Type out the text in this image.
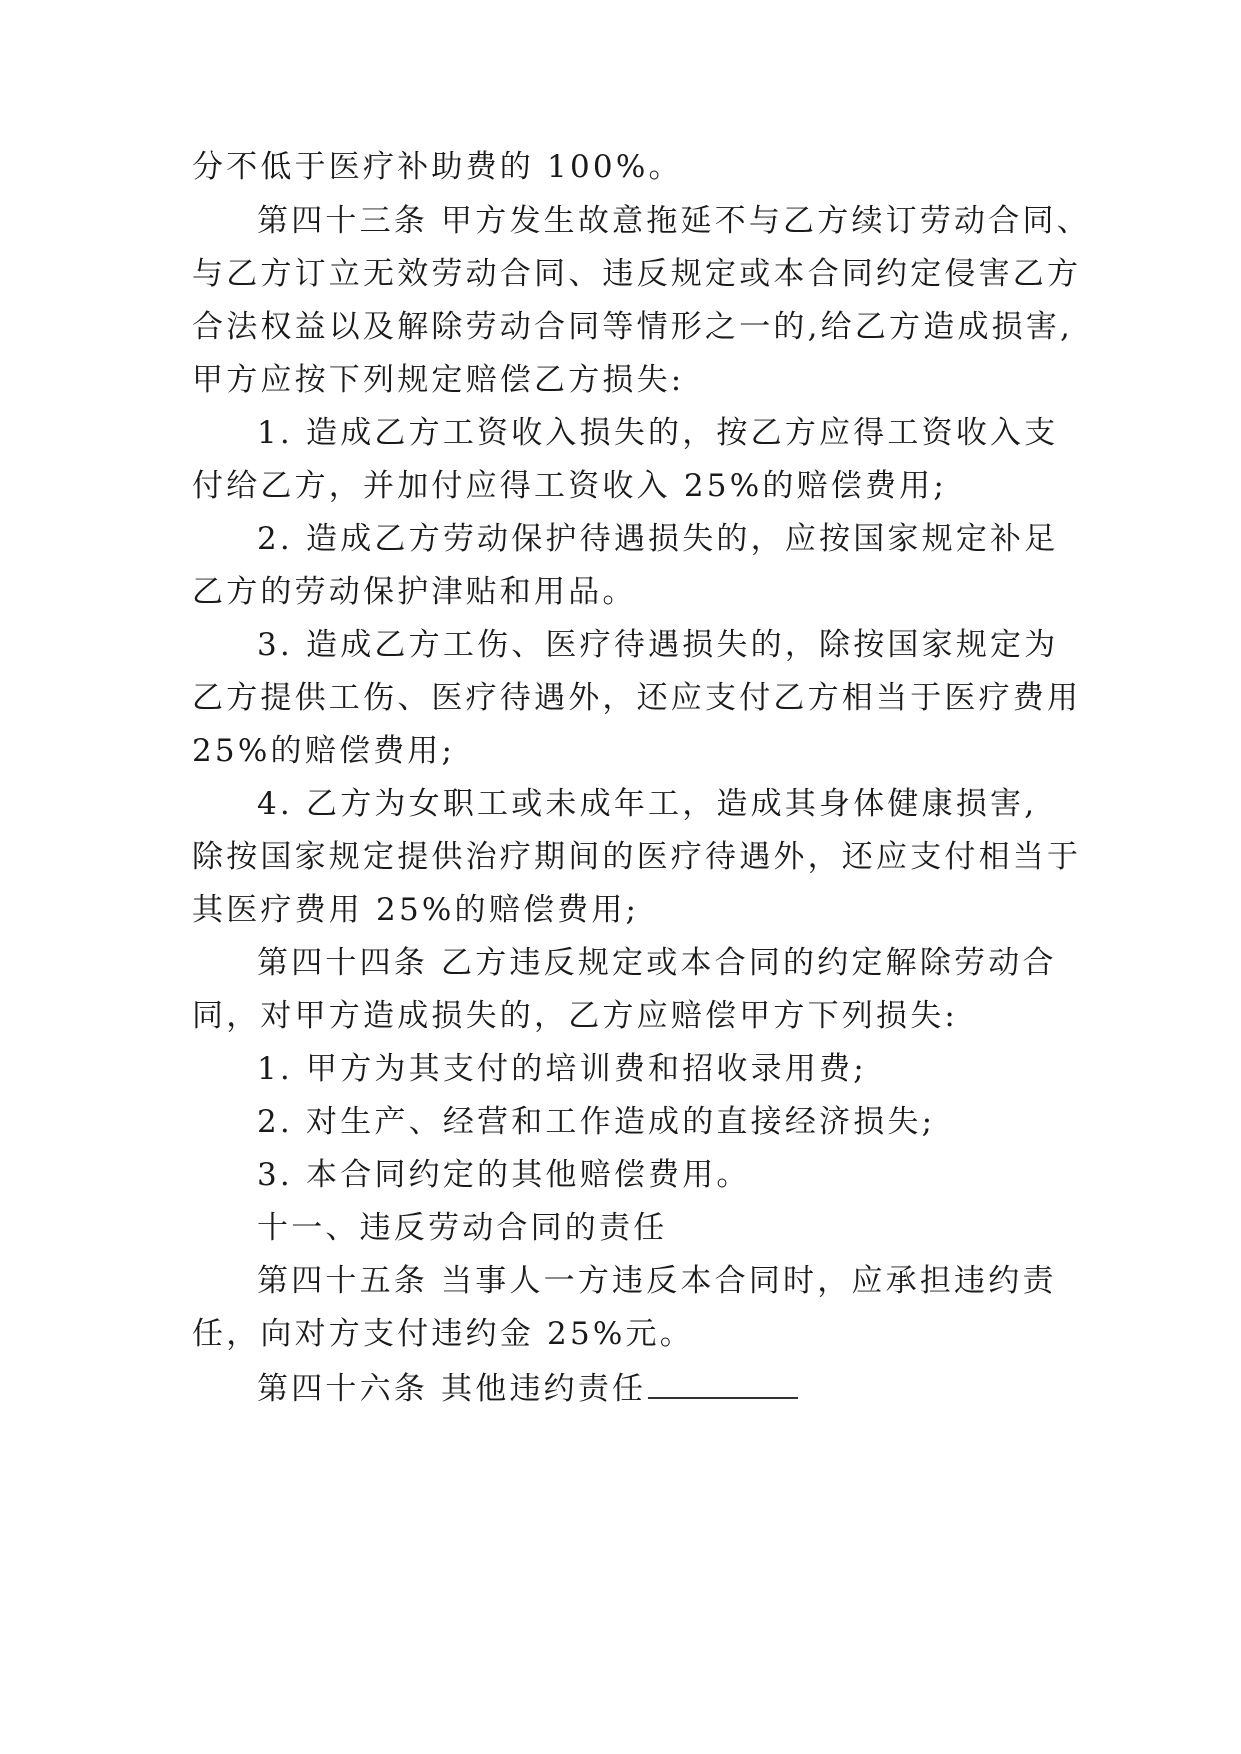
分不低于医疗补助费的 100%。
第四十三条 甲方发生故意拖延不与乙方续订劳动合同、
与乙方订立无效劳动合同、违反规定或本合同约定侵害乙方
合法权益以及解除劳动合同等情形之一的,给乙方造成损害,
甲方应按下列规定赔偿乙方损失:
1. 造成乙方工资收入损失的，按乙方应得工资收入支
付给乙方，并加付应得工资收入 25%的赔偿费用;
2. 造成乙方劳动保护待遇损失的，应按国家规定补足
乙方的劳动保护津贴和用品。
3. 造成乙方工伤、医疗待遇损失的，除按国家规定为
乙方提供工伤、医疗待遇外，还应支付乙方相当于医疗费用
25%的赔偿费用;
4. 乙方为女职工或未成年工，造成其身体健康损害,
除按国家规定提供治疗期间的医疗待遇外，还应支付相当于
其医疗费用 25%的赔偿费用;
第四十四条 乙方违反规定或本合同的约定解除劳动合
同，对甲方造成损失的，乙方应赔偿甲方下列损失:
1. 甲方为其支付的培训费和招收录用费;
2. 对生产、经营和工作造成的直接经济损失;
3. 本合同约定的其他赔偿费用。
十一、违反劳动合同的责任
第四十五条 当事人一方违反本合同时，应承担违约责
任，向对方支付违约金 25%元。
第四十六条 其他违约责任
